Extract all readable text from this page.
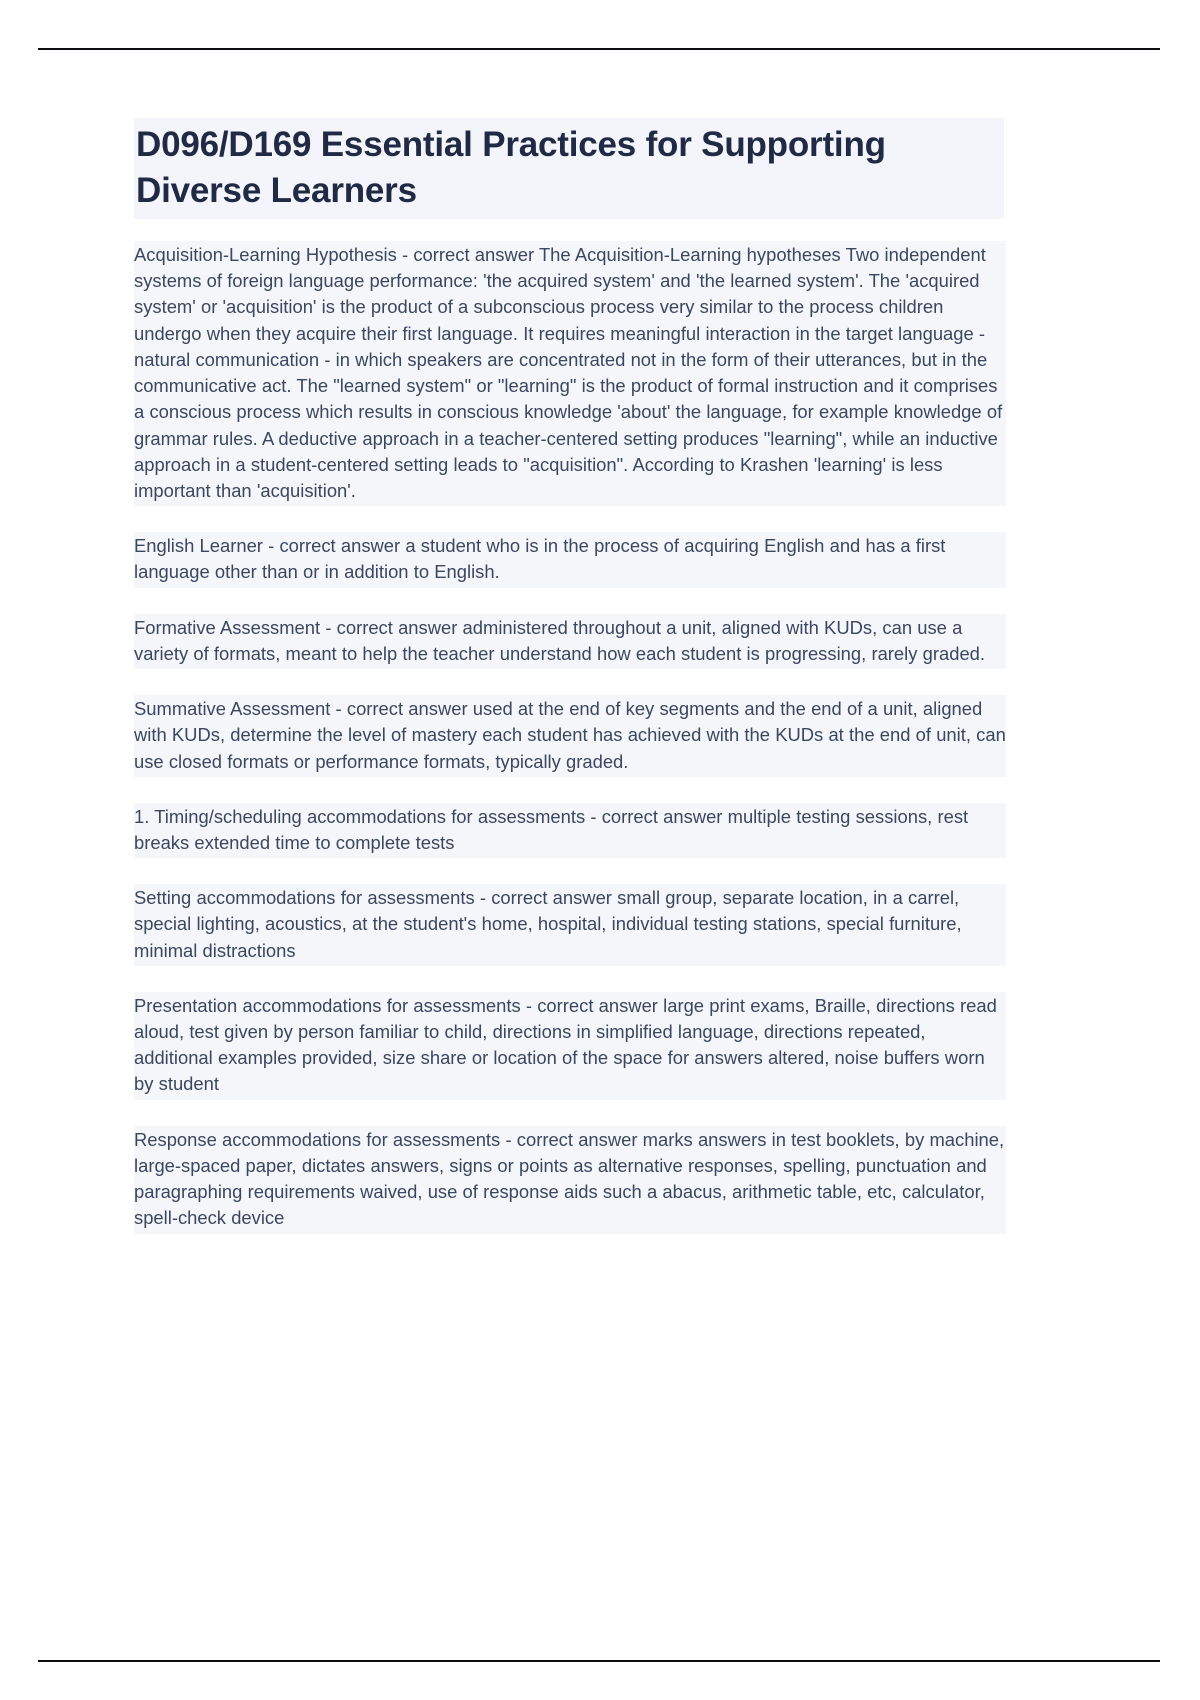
D096/D169 Essential Practices for Supporting Diverse Learners

Acquisition-Learning Hypothesis - correct answer The Acquisition-Learning hypotheses Two independent systems of foreign language performance: 'the acquired system' and 'the learned system'. The 'acquired system' or 'acquisition' is the product of a subconscious process very similar to the process children undergo when they acquire their first language. It requires meaningful interaction in the target language - natural communication - in which speakers are concentrated not in the form of their utterances, but in the communicative act. The "learned system" or "learning" is the product of formal instruction and it comprises a conscious process which results in conscious knowledge 'about' the language, for example knowledge of grammar rules. A deductive approach in a teacher-centered setting produces "learning", while an inductive approach in a student-centered setting leads to "acquisition". According to Krashen 'learning' is less important than 'acquisition'.

English Learner - correct answer a student who is in the process of acquiring English and has a first language other than or in addition to English.

Formative Assessment - correct answer administered throughout a unit, aligned with KUDs, can use a variety of formats, meant to help the teacher understand how each student is progressing, rarely graded.

Summative Assessment - correct answer used at the end of key segments and the end of a unit, aligned with KUDs, determine the level of mastery each student has achieved with the KUDs at the end of unit, can use closed formats or performance formats, typically graded.

1. Timing/scheduling accommodations for assessments - correct answer multiple testing sessions, rest breaks extended time to complete tests

Setting accommodations for assessments - correct answer small group, separate location, in a carrel, special lighting, acoustics, at the student's home, hospital, individual testing stations, special furniture, minimal distractions

Presentation accommodations for assessments - correct answer large print exams, Braille, directions read aloud, test given by person familiar to child, directions in simplified language, directions repeated, additional examples provided, size share or location of the space for answers altered, noise buffers worn by student

Response accommodations for assessments - correct answer marks answers in test booklets, by machine, large-spaced paper, dictates answers, signs or points as alternative responses, spelling, punctuation and paragraphing requirements waived, use of response aids such a abacus, arithmetic table, etc, calculator, spell-check device
